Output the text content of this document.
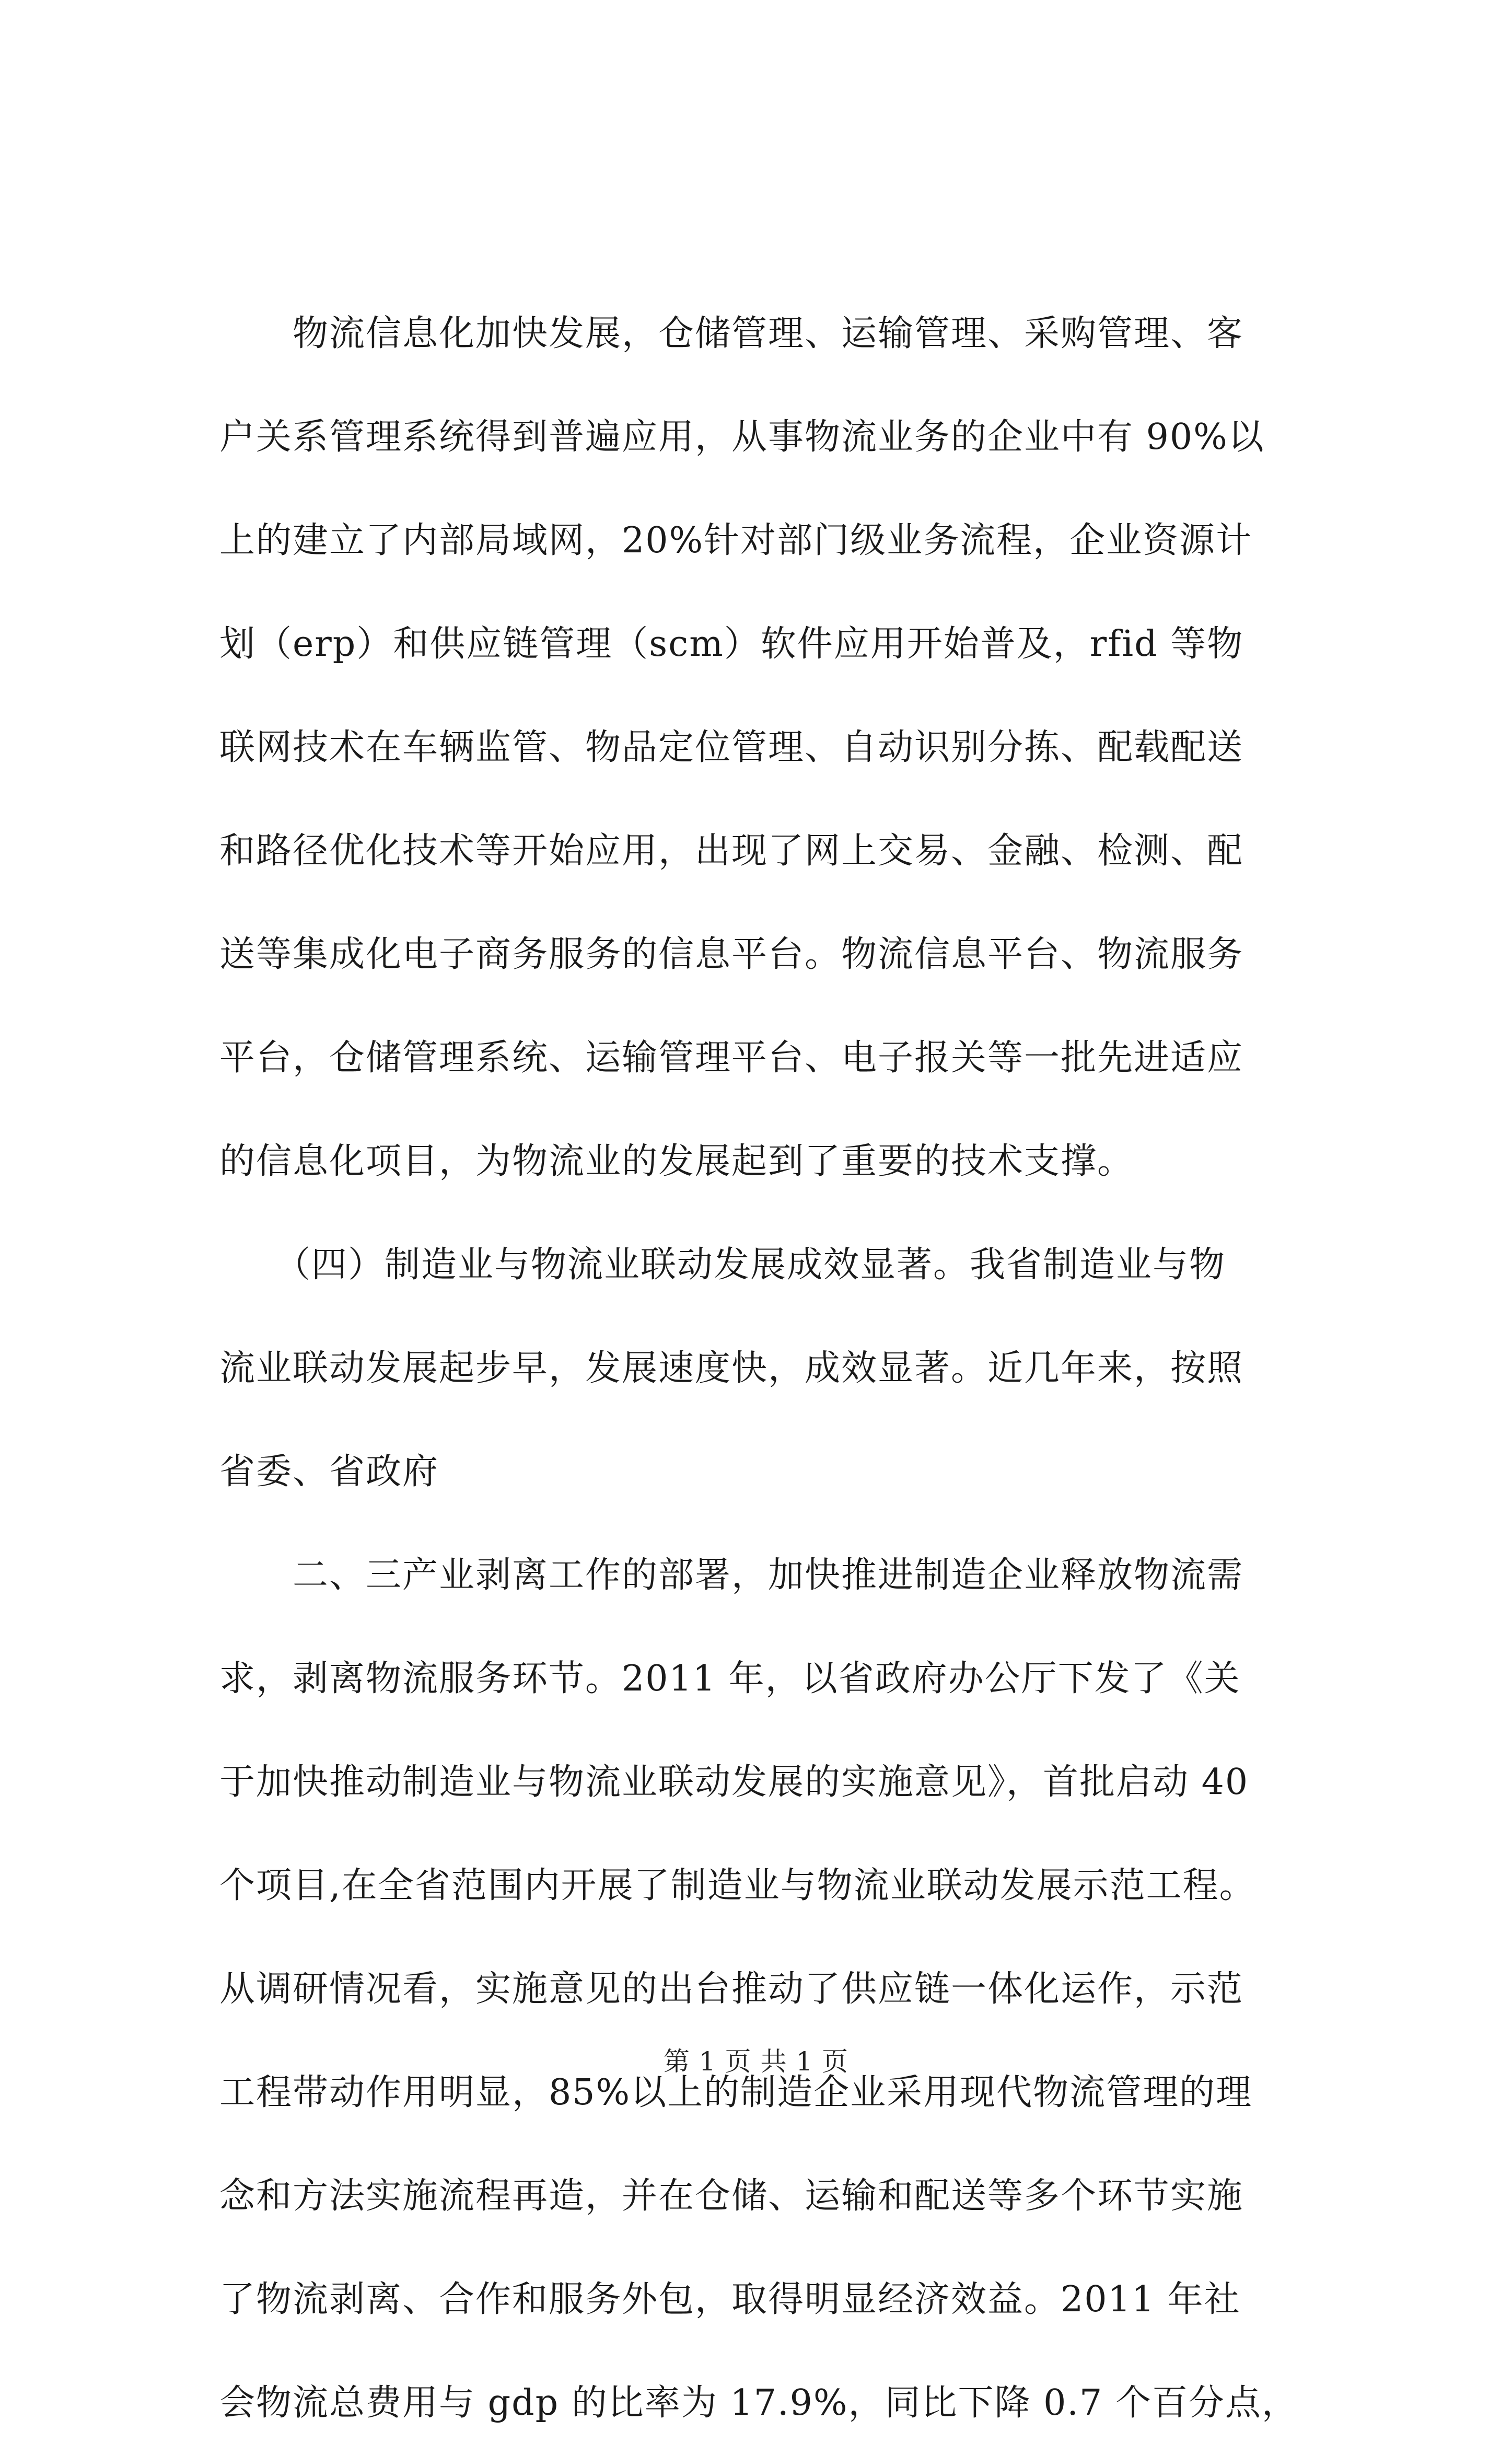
　　物流信息化加快发展，仓储管理、运输管理、采购管理、客
户关系管理系统得到普遍应用，从事物流业务的企业中有 90%以
上的建立了内部局域网，20%针对部门级业务流程，企业资源计
划（erp）和供应链管理（scm）软件应用开始普及，rfid 等物
联网技术在车辆监管、物品定位管理、自动识别分拣、配载配送
和路径优化技术等开始应用，出现了网上交易、金融、检测、配
送等集成化电子商务服务的信息平台。物流信息平台、物流服务
平台，仓储管理系统、运输管理平台、电子报关等一批先进适应
的信息化项目，为物流业的发展起到了重要的技术支撑。
　　（四）制造业与物流业联动发展成效显著。我省制造业与物
流业联动发展起步早，发展速度快，成效显著。近几年来，按照
省委、省政府
　　二、三产业剥离工作的部署，加快推进制造企业释放物流需
求，剥离物流服务环节。2011 年，以省政府办公厅下发了《关
于加快推动制造业与物流业联动发展的实施意见》，首批启动 40
个项目,在全省范围内开展了制造业与物流业联动发展示范工程。
从调研情况看，实施意见的出台推动了供应链一体化运作，示范
工程带动作用明显，85%以上的制造企业采用现代物流管理的理
念和方法实施流程再造，并在仓储、运输和配送等多个环节实施
了物流剥离、合作和服务外包，取得明显经济效益。2011 年社
会物流总费用与 gdp 的比率为 17.9%，同比下降 0.7 个百分点，
第 1 页 共 1 页
